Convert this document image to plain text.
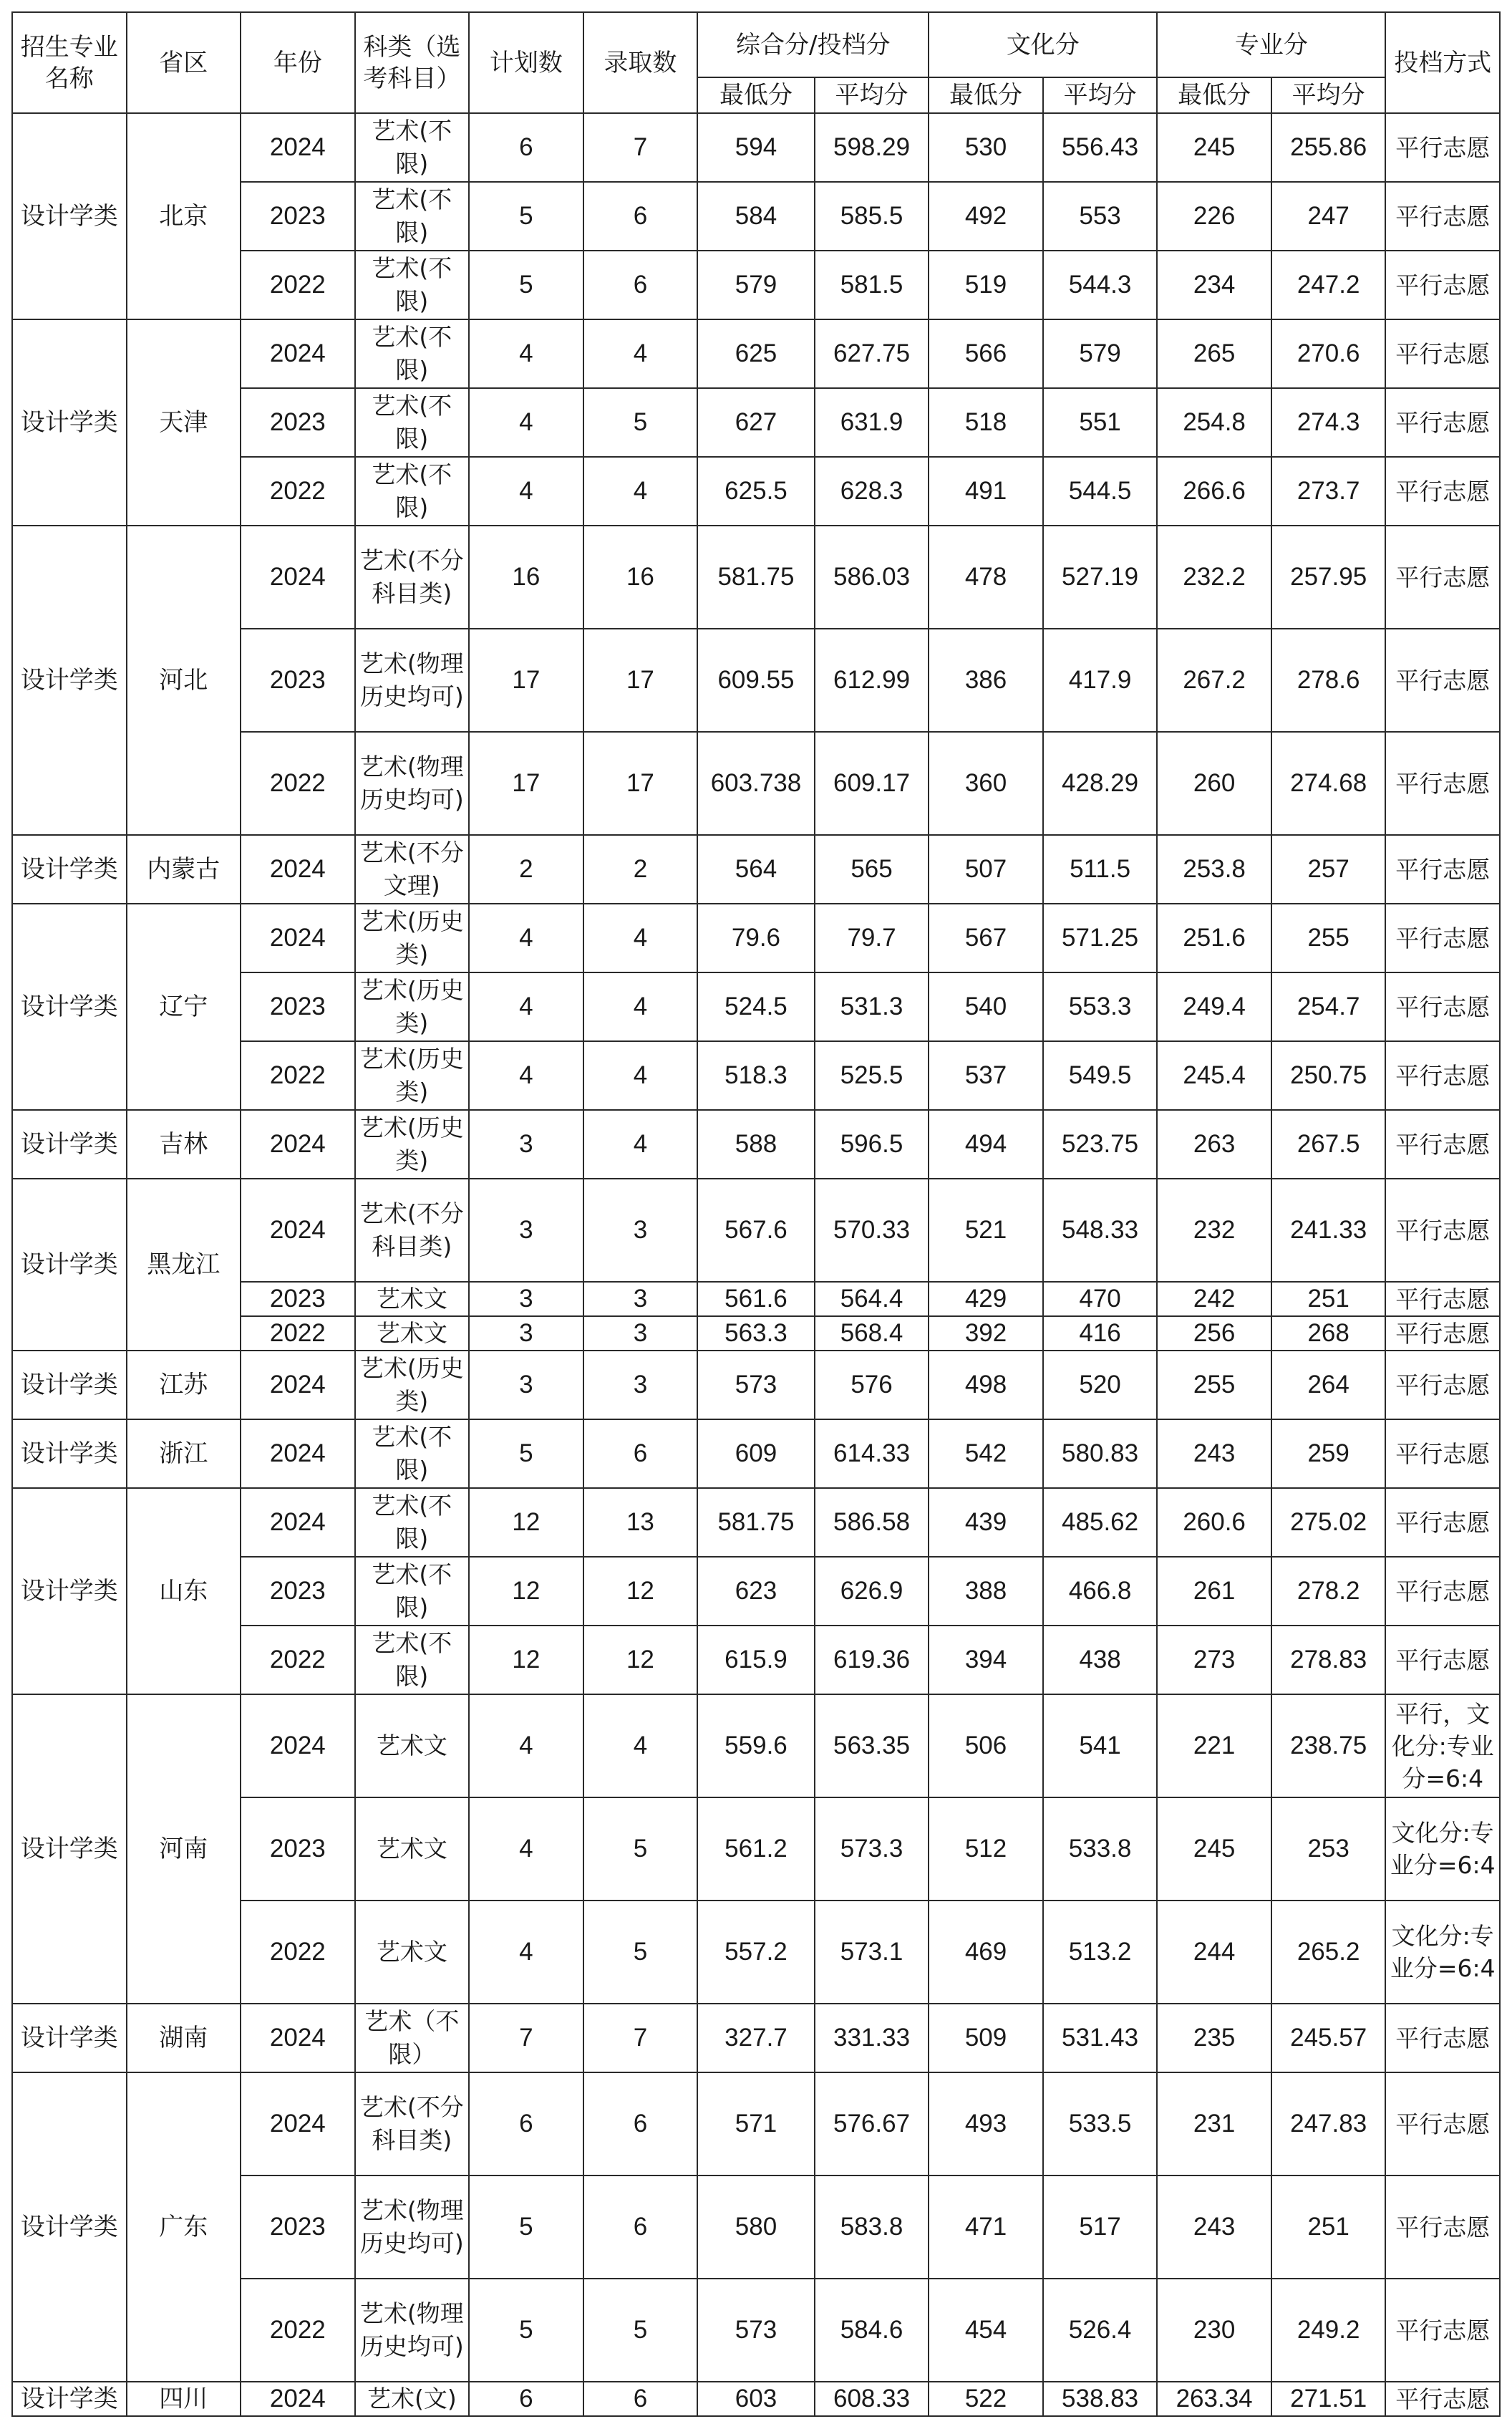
招生专业名称	省区	年份	科类（选考科目）	计划数	录取数	综合分/投档分		文化分		专业分		投档方式
						最低分	平均分	最低分	平均分	最低分	平均分	
设计学类	北京	2024	艺术(不限)	6	7	594	598.29	530	556.43	245	255.86	平行志愿
		2023	艺术(不限)	5	6	584	585.5	492	553	226	247	平行志愿
		2022	艺术(不限)	5	6	579	581.5	519	544.3	234	247.2	平行志愿
设计学类	天津	2024	艺术(不限)	4	4	625	627.75	566	579	265	270.6	平行志愿
		2023	艺术(不限)	4	5	627	631.9	518	551	254.8	274.3	平行志愿
		2022	艺术(不限)	4	4	625.5	628.3	491	544.5	266.6	273.7	平行志愿
设计学类	河北	2024	艺术(不分科目类)	16	16	581.75	586.03	478	527.19	232.2	257.95	平行志愿
		2023	艺术(物理历史均可)	17	17	609.55	612.99	386	417.9	267.2	278.6	平行志愿
		2022	艺术(物理历史均可)	17	17	603.738	609.17	360	428.29	260	274.68	平行志愿
设计学类	内蒙古	2024	艺术(不分文理)	2	2	564	565	507	511.5	253.8	257	平行志愿
设计学类	辽宁	2024	艺术(历史类)	4	4	79.6	79.7	567	571.25	251.6	255	平行志愿
		2023	艺术(历史类)	4	4	524.5	531.3	540	553.3	249.4	254.7	平行志愿
		2022	艺术(历史类)	4	4	518.3	525.5	537	549.5	245.4	250.75	平行志愿
设计学类	吉林	2024	艺术(历史类)	3	4	588	596.5	494	523.75	263	267.5	平行志愿
设计学类	黑龙江	2024	艺术(不分科目类)	3	3	567.6	570.33	521	548.33	232	241.33	平行志愿
		2023	艺术文	3	3	561.6	564.4	429	470	242	251	平行志愿
		2022	艺术文	3	3	563.3	568.4	392	416	256	268	平行志愿
设计学类	江苏	2024	艺术(历史类)	3	3	573	576	498	520	255	264	平行志愿
设计学类	浙江	2024	艺术(不限)	5	6	609	614.33	542	580.83	243	259	平行志愿
设计学类	山东	2024	艺术(不限)	12	13	581.75	586.58	439	485.62	260.6	275.02	平行志愿
		2023	艺术(不限)	12	12	623	626.9	388	466.8	261	278.2	平行志愿
		2022	艺术(不限)	12	12	615.9	619.36	394	438	273	278.83	平行志愿
设计学类	河南	2024	艺术文	4	4	559.6	563.35	506	541	221	238.75	平行，文化分:专业分=6:4
		2023	艺术文	4	5	561.2	573.3	512	533.8	245	253	文化分:专业分=6:4
		2022	艺术文	4	5	557.2	573.1	469	513.2	244	265.2	文化分:专业分=6:4
设计学类	湖南	2024	艺术（不限）	7	7	327.7	331.33	509	531.43	235	245.57	平行志愿
设计学类	广东	2024	艺术(不分科目类)	6	6	571	576.67	493	533.5	231	247.83	平行志愿
		2023	艺术(物理历史均可)	5	6	580	583.8	471	517	243	251	平行志愿
		2022	艺术(物理历史均可)	5	5	573	584.6	454	526.4	230	249.2	平行志愿
设计学类	四川	2024	艺术(文)	6	6	603	608.33	522	538.83	263.34	271.51	平行志愿
